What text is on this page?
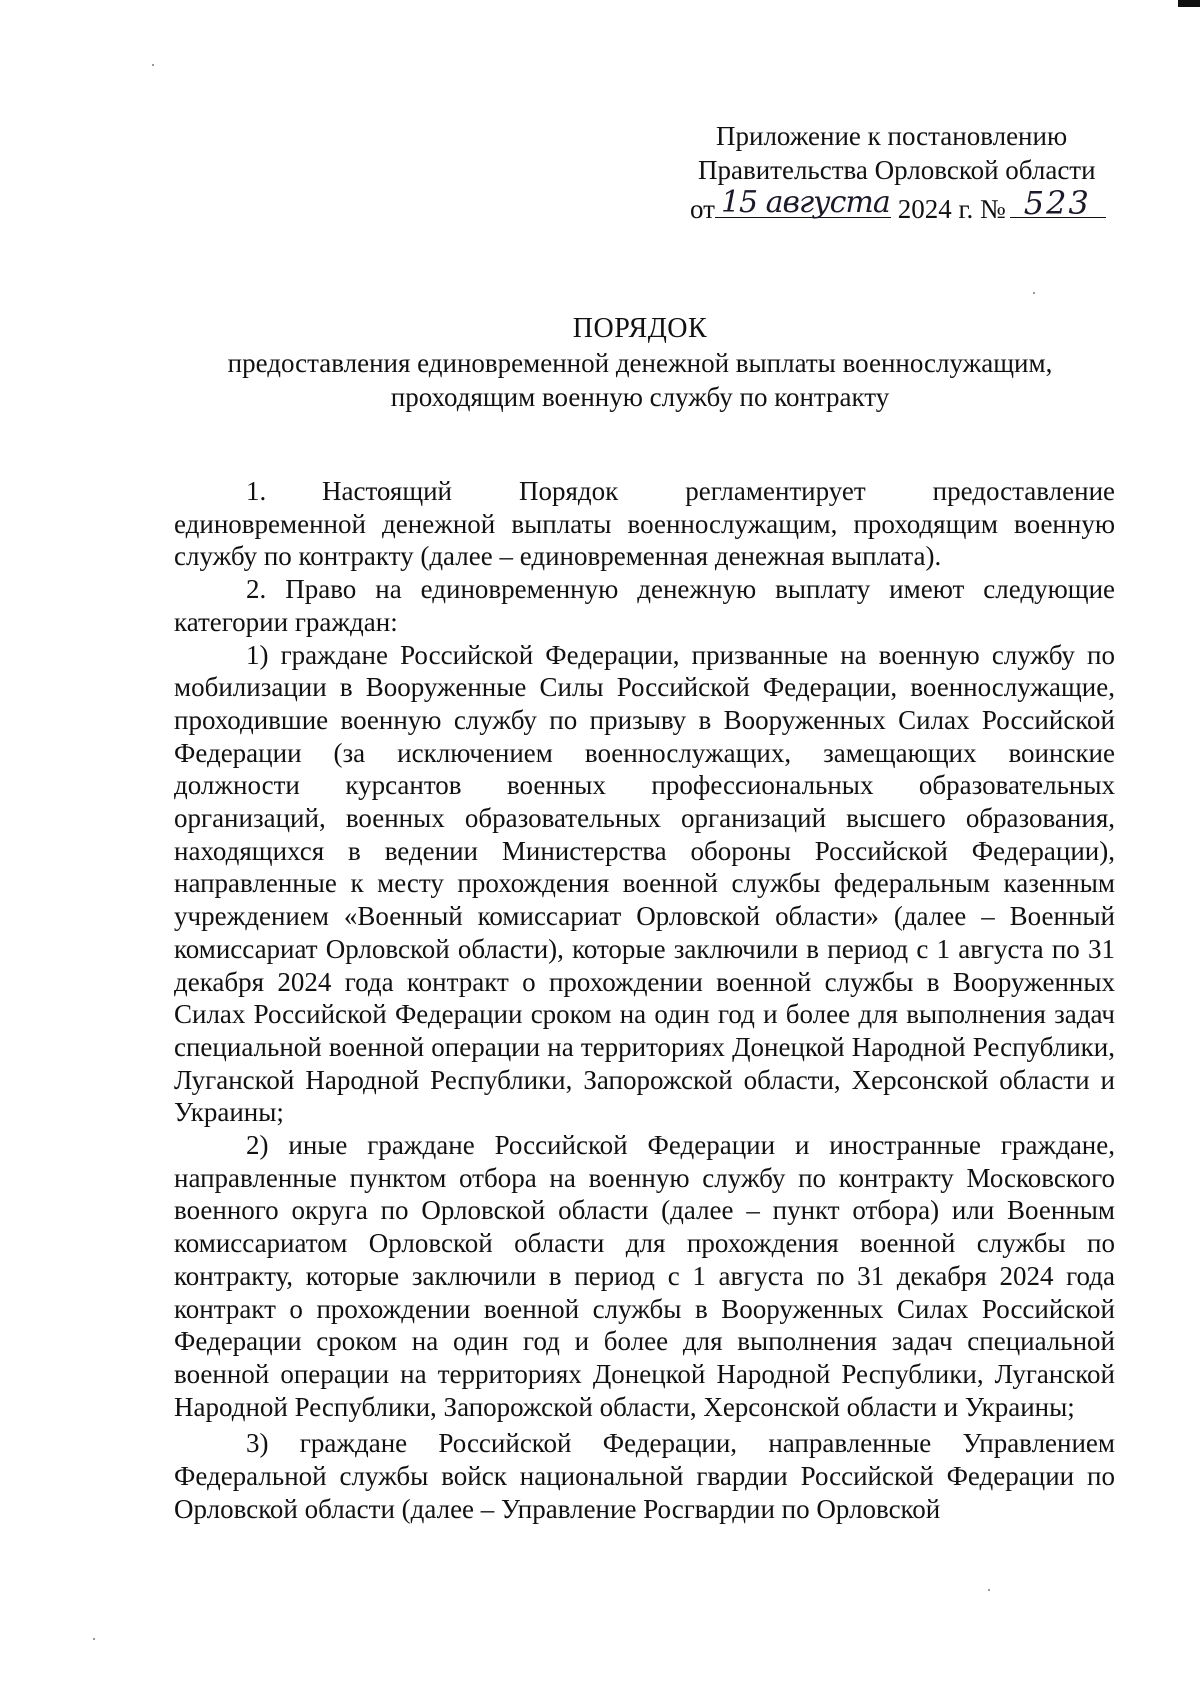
Приложение к постановлению
Правительства Орловской области
от 15 августа 2024 г. № 523
ПОРЯДОК
предоставления единовременной денежной выплаты военнослужащим,
проходящим военную службу по контракту

1. Настоящий Порядок регламентирует предоставление единовременной денежной выплаты военнослужащим, проходящим военную службу по контракту (далее – единовременная денежная выплата).

2. Право на единовременную денежную выплату имеют следующие категории граждан:

1) граждане Российской Федерации, призванные на военную службу по мобилизации в Вооруженные Силы Российской Федерации, военнослужащие, проходившие военную службу по призыву в Вооруженных Силах Российской Федерации (за исключением военнослужащих, замещающих воинские должности курсантов военных профессиональных образовательных организаций, военных образовательных организаций высшего образования, находящихся в ведении Министерства обороны Российской Федерации), направленные к месту прохождения военной службы федеральным казенным учреждением «Военный комиссариат Орловской области» (далее – Военный комиссариат Орловской области), которые заключили в период с 1 августа по 31 декабря 2024 года контракт о прохождении военной службы в Вооруженных Силах Российской Федерации сроком на один год и более для выполнения задач специальной военной операции на территориях Донецкой Народной Республики, Луганской Народной Республики, Запорожской области, Херсонской области и Украины;

2) иные граждане Российской Федерации и иностранные граждане, направленные пунктом отбора на военную службу по контракту Московского военного округа по Орловской области (далее – пункт отбора) или Военным комиссариатом Орловской области для прохождения военной службы по контракту, которые заключили в период с 1 августа по 31 декабря 2024 года контракт о прохождении военной службы в Вооруженных Силах Российской Федерации сроком на один год и более для выполнения задач специальной военной операции на территориях Донецкой Народной Республики, Луганской Народной Республики, Запорожской области, Херсонской области и Украины;

3) граждане Российской Федерации, направленные Управлением Федеральной службы войск национальной гвардии Российской Федерации по Орловской области (далее – Управление Росгвардии по Орловской
